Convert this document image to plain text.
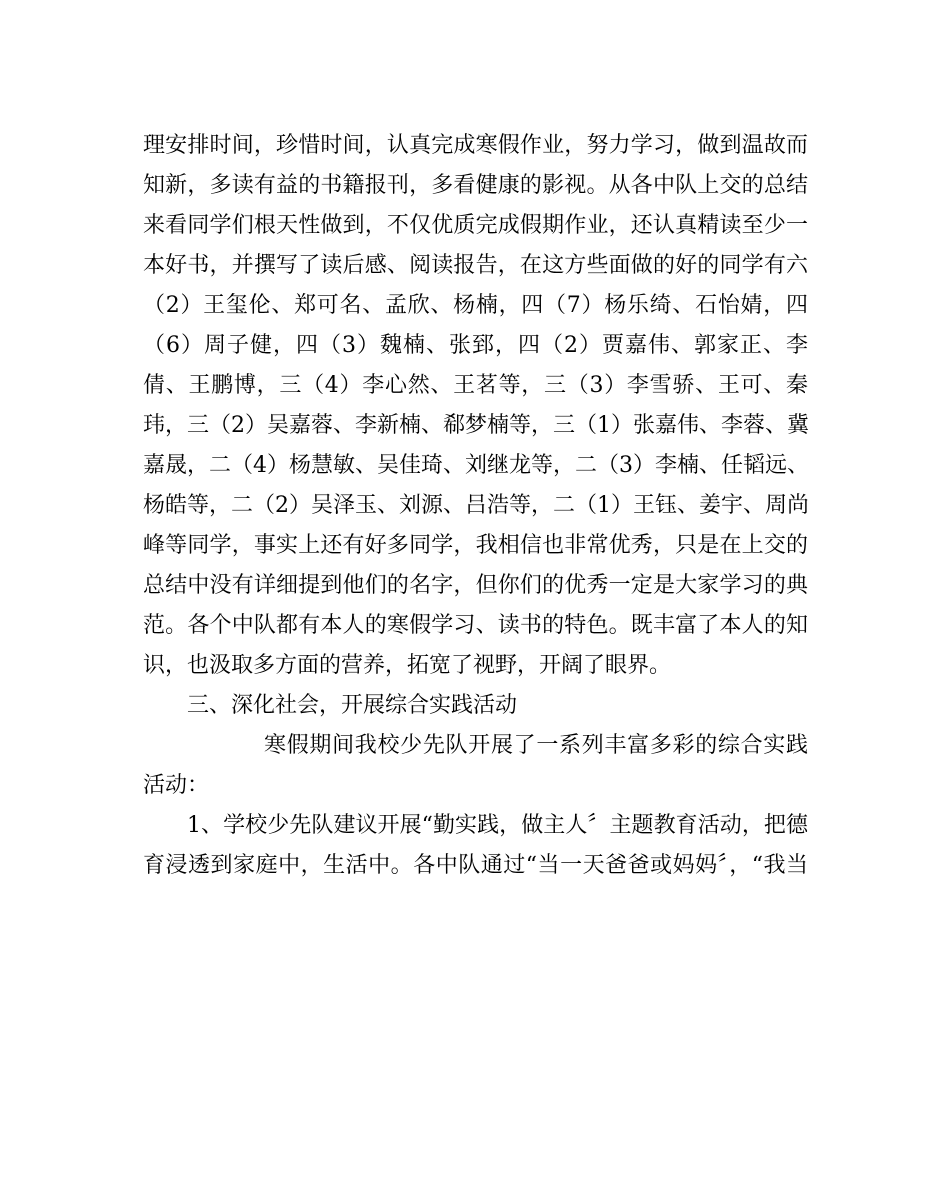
理安排时间，珍惜时间，认真完成寒假作业，努力学习，做到温故而
知新，多读有益的书籍报刊，多看健康的影视。从各中队上交的总结
来看同学们根天性做到，不仅优质完成假期作业，还认真精读至少一
本好书，并撰写了读后感、阅读报告，在这方些面做的好的同学有六
（2）王玺伦、郑可名、孟欣、杨楠，四（7）杨乐绮、石怡婧，四
（6）周子健，四（3）魏楠、张郅，四（2）贾嘉伟、郭家正、李
倩、王鹏博，三（4）李心然、王茗等，三（3）李雪骄、王可、秦
玮，三（2）吴嘉蓉、李新楠、郗梦楠等，三（1）张嘉伟、李蓉、冀
嘉晟，二（4）杨慧敏、吴佳琦、刘继龙等，二（3）李楠、任韬远、
杨皓等，二（2）吴泽玉、刘源、吕浩等，二（1）王钰、姜宇、周尚
峰等同学，事实上还有好多同学，我相信也非常优秀，只是在上交的
总结中没有详细提到他们的名字，但你们的优秀一定是大家学习的典
范。各个中队都有本人的寒假学习、读书的特色。既丰富了本人的知
识，也汲取多方面的营养，拓宽了视野，开阔了眼界。
三、深化社会，开展综合实践活动
寒假期间我校少先队开展了一系列丰富多彩的综合实践
活动：
1、学校少先队建议开展“勤实践，做主人〞主题教育活动，把德
育浸透到家庭中，生活中。各中队通过“当一天爸爸或妈妈〞，“我当
